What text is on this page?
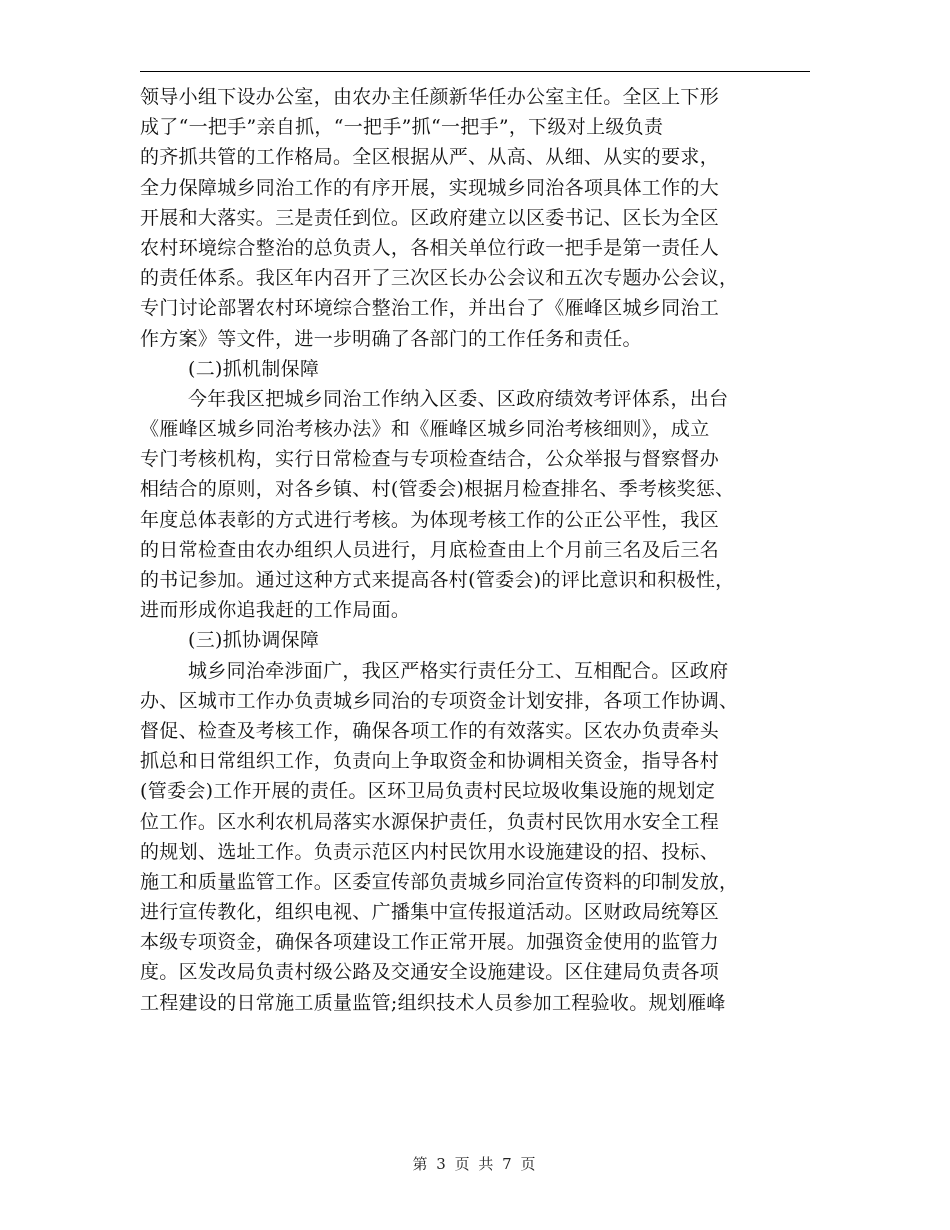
领导小组下设办公室，由农办主任颜新华任办公室主任。全区上下形
成了“一把手”亲自抓，“一把手”抓“一把手”，下级对上级负责
的齐抓共管的工作格局。全区根据从严、从高、从细、从实的要求，
全力保障城乡同治工作的有序开展，实现城乡同治各项具体工作的大
开展和大落实。三是责任到位。区政府建立以区委书记、区长为全区
农村环境综合整治的总负责人，各相关单位行政一把手是第一责任人
的责任体系。我区年内召开了三次区长办公会议和五次专题办公会议，
专门讨论部署农村环境综合整治工作，并出台了《雁峰区城乡同治工
作方案》等文件，进一步明确了各部门的工作任务和责任。
(二)抓机制保障
今年我区把城乡同治工作纳入区委、区政府绩效考评体系，出台
《雁峰区城乡同治考核办法》和《雁峰区城乡同治考核细则》，成立
专门考核机构，实行日常检查与专项检查结合，公众举报与督察督办
相结合的原则，对各乡镇、村(管委会)根据月检查排名、季考核奖惩、
年度总体表彰的方式进行考核。为体现考核工作的公正公平性，我区
的日常检查由农办组织人员进行，月底检查由上个月前三名及后三名
的书记参加。通过这种方式来提高各村(管委会)的评比意识和积极性，
进而形成你追我赶的工作局面。
(三)抓协调保障
城乡同治牵涉面广，我区严格实行责任分工、互相配合。区政府
办、区城市工作办负责城乡同治的专项资金计划安排，各项工作协调、
督促、检查及考核工作，确保各项工作的有效落实。区农办负责牵头
抓总和日常组织工作，负责向上争取资金和协调相关资金，指导各村
(管委会)工作开展的责任。区环卫局负责村民垃圾收集设施的规划定
位工作。区水利农机局落实水源保护责任，负责村民饮用水安全工程
的规划、选址工作。负责示范区内村民饮用水设施建设的招、投标、
施工和质量监管工作。区委宣传部负责城乡同治宣传资料的印制发放，
进行宣传教化，组织电视、广播集中宣传报道活动。区财政局统筹区
本级专项资金，确保各项建设工作正常开展。加强资金使用的监管力
度。区发改局负责村级公路及交通安全设施建设。区住建局负责各项
工程建设的日常施工质量监管;组织技术人员参加工程验收。规划雁峰
第 3 页 共 7 页
